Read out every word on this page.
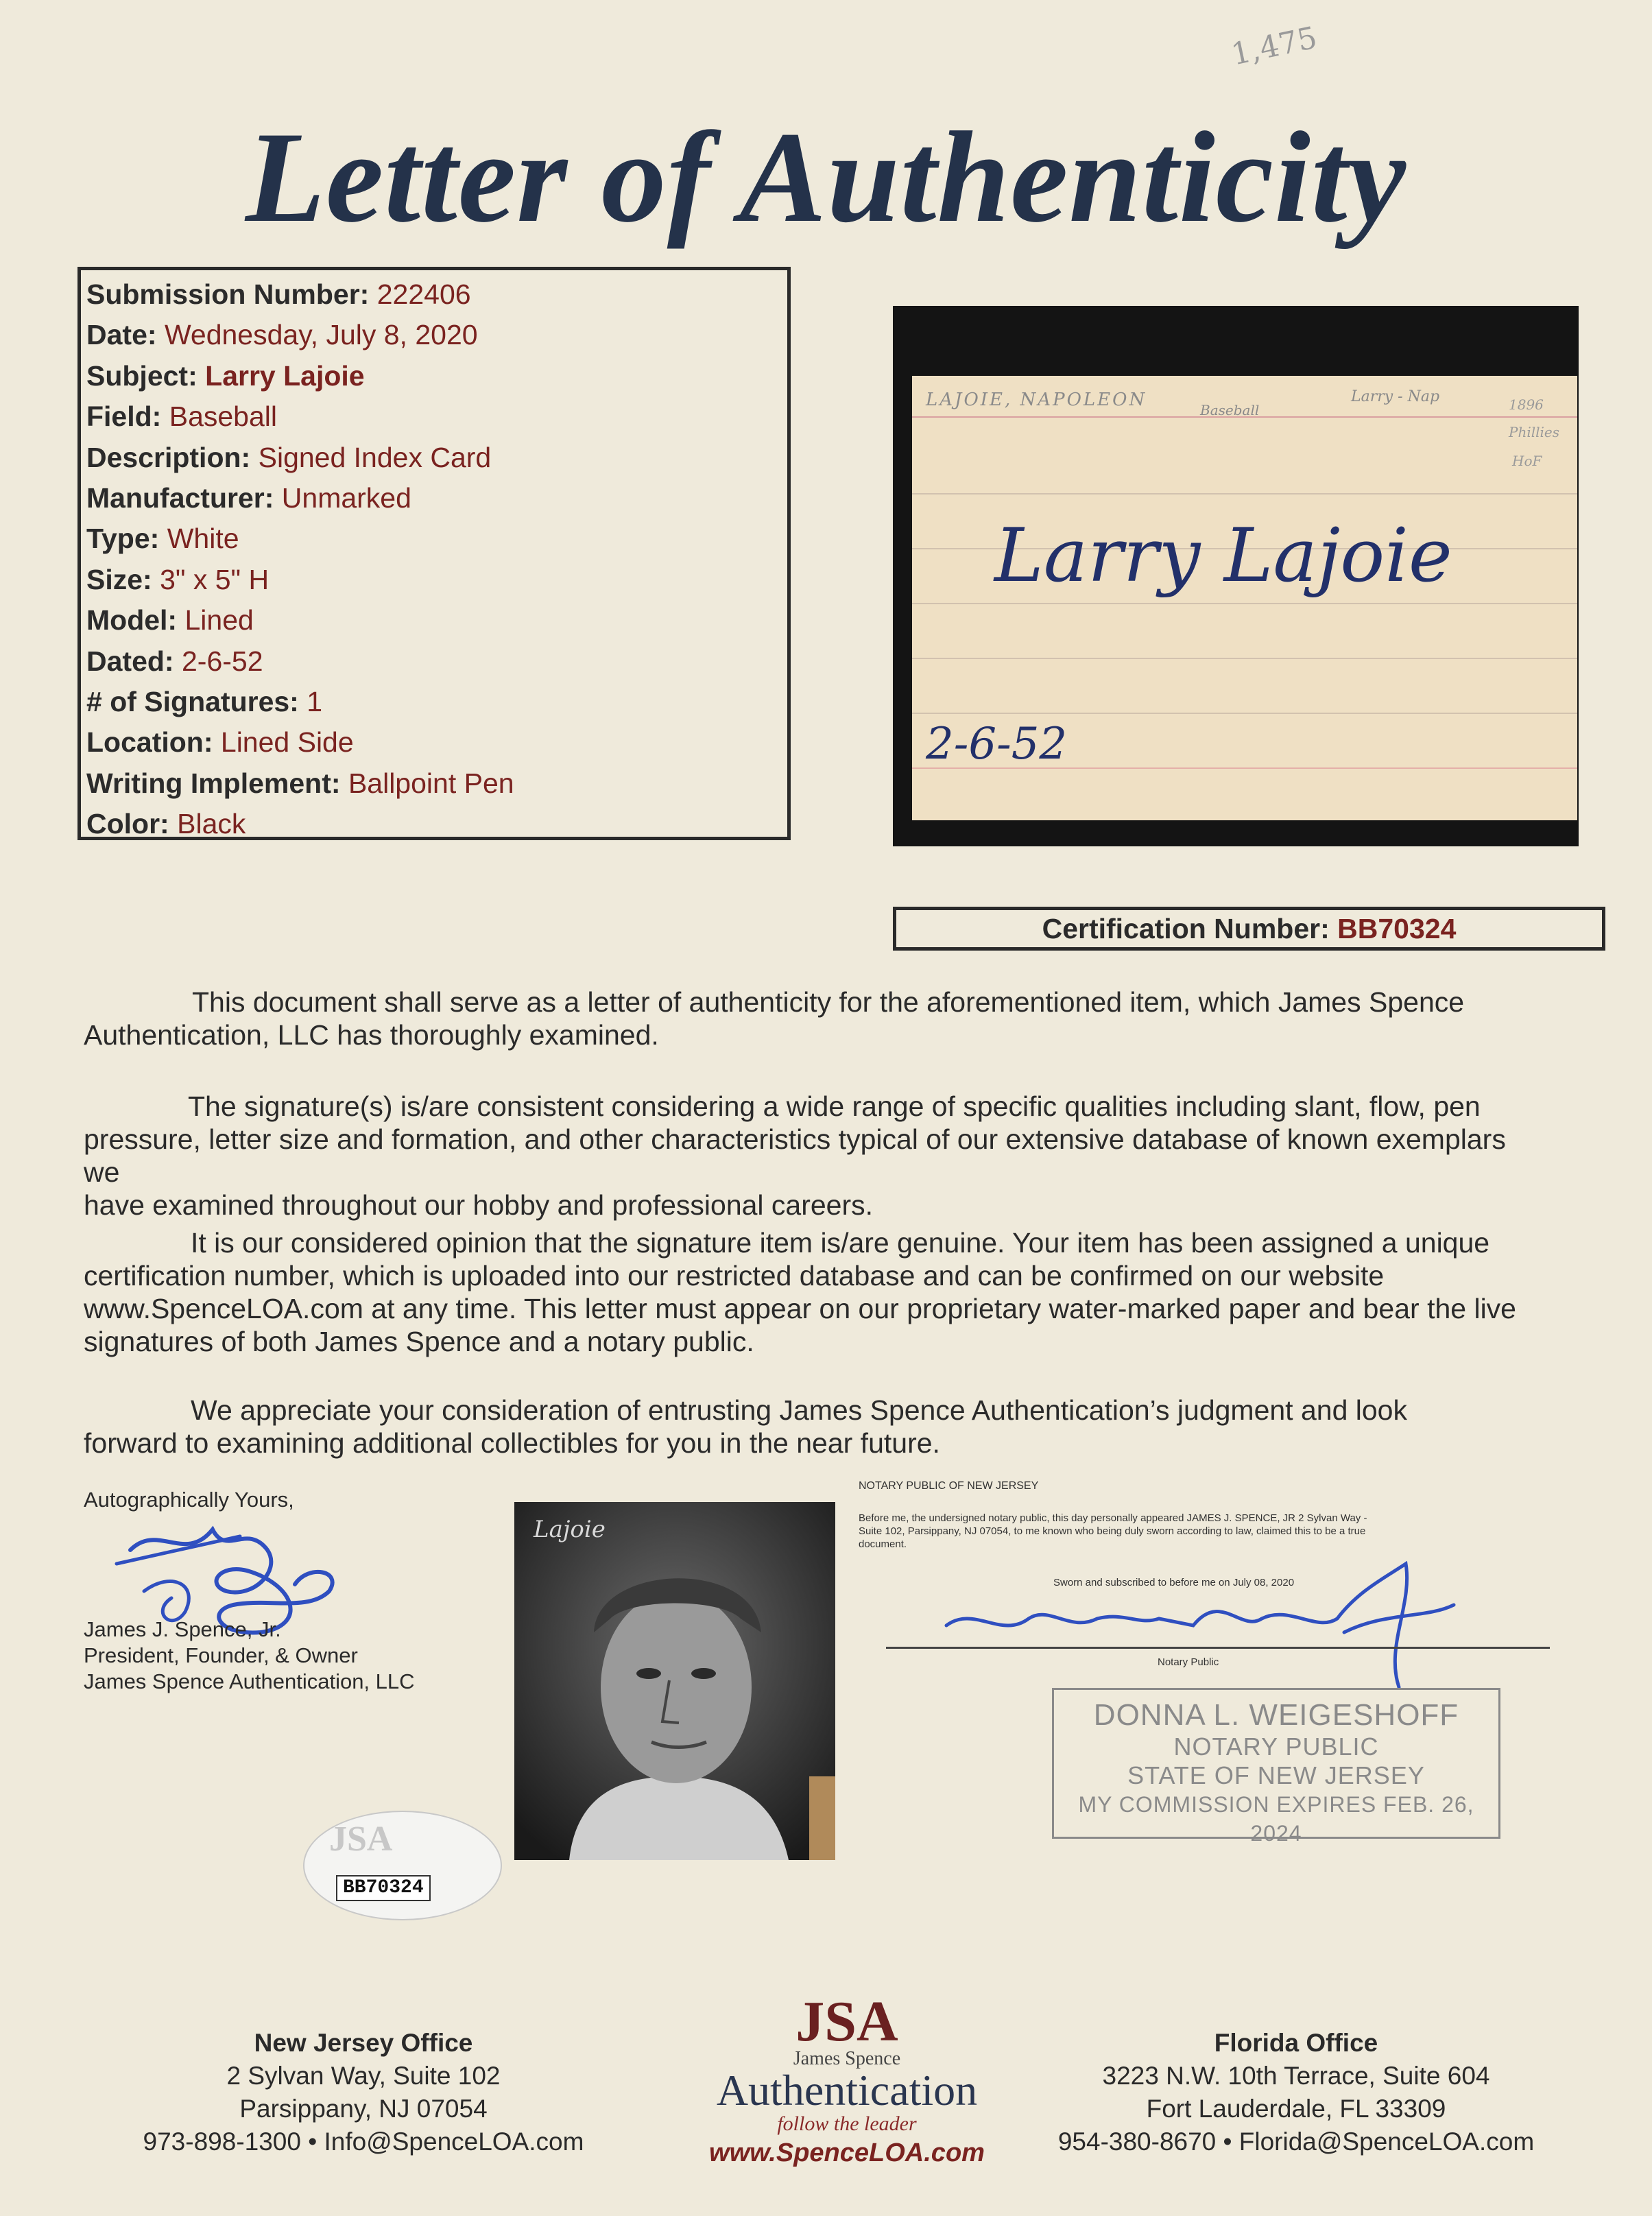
1,475
Letter of Authenticity
Submission Number: 222406
Date: Wednesday, July 8, 2020
Subject: Larry Lajoie
Field: Baseball
Description: Signed Index Card
Manufacturer: Unmarked
Type: White
Size: 3" x 5" H
Model: Lined
Dated: 2-6-52
# of Signatures: 1
Location: Lined Side
Writing Implement: Ballpoint Pen
Color: Black
LAJOIE, NAPOLEON	Baseball
Larry - Nap	1896
Phillies
HoF
Larry Lajoie
2-6-52
Certification Number: BB70324

This document shall serve as a letter of authenticity for the aforementioned item, which James Spence

Authentication, LLC has thoroughly examined.

The signature(s) is/are consistent considering a wide range of specific qualities including slant, flow, pen

pressure, letter size and formation, and other characteristics typical of our extensive database of known exemplars we

have examined throughout our hobby and professional careers.

It is our considered opinion that the signature item is/are genuine. Your item has been assigned a unique

certification number, which is uploaded into our restricted database and can be confirmed on our website

www.SpenceLOA.com at any time. This letter must appear on our proprietary water-marked paper and bear the live

signatures of both James Spence and a notary public.

We appreciate your consideration of entrusting James Spence Authentication’s judgment and look

forward to examining additional collectibles for you in the near future.

Autographically Yours,
James J. Spence, Jr.
President, Founder, & Owner
James Spence Authentication, LLC
Lajoie
JSA
BB70324
NOTARY PUBLIC OF NEW JERSEY
Before me, the undersigned notary public, this day personally appeared JAMES J. SPENCE, JR 2 Sylvan Way -
Suite 102, Parsippany, NJ 07054, to me known who being duly sworn according to law, claimed this to be a true
document.
Sworn and subscribed to before me on July 08, 2020
Notary Public
DONNA L. WEIGESHOFF
NOTARY PUBLIC
STATE OF NEW JERSEY
MY COMMISSION EXPIRES FEB. 26, 2024
New Jersey Office
2 Sylvan Way, Suite 102
Parsippany, NJ 07054
973-898-1300 • Info@SpenceLOA.com
JSA
James Spence
Authentication
follow the leader
www.SpenceLOA.com
Florida Office
3223 N.W. 10th Terrace, Suite 604
Fort Lauderdale, FL 33309
954-380-8670 • Florida@SpenceLOA.com
